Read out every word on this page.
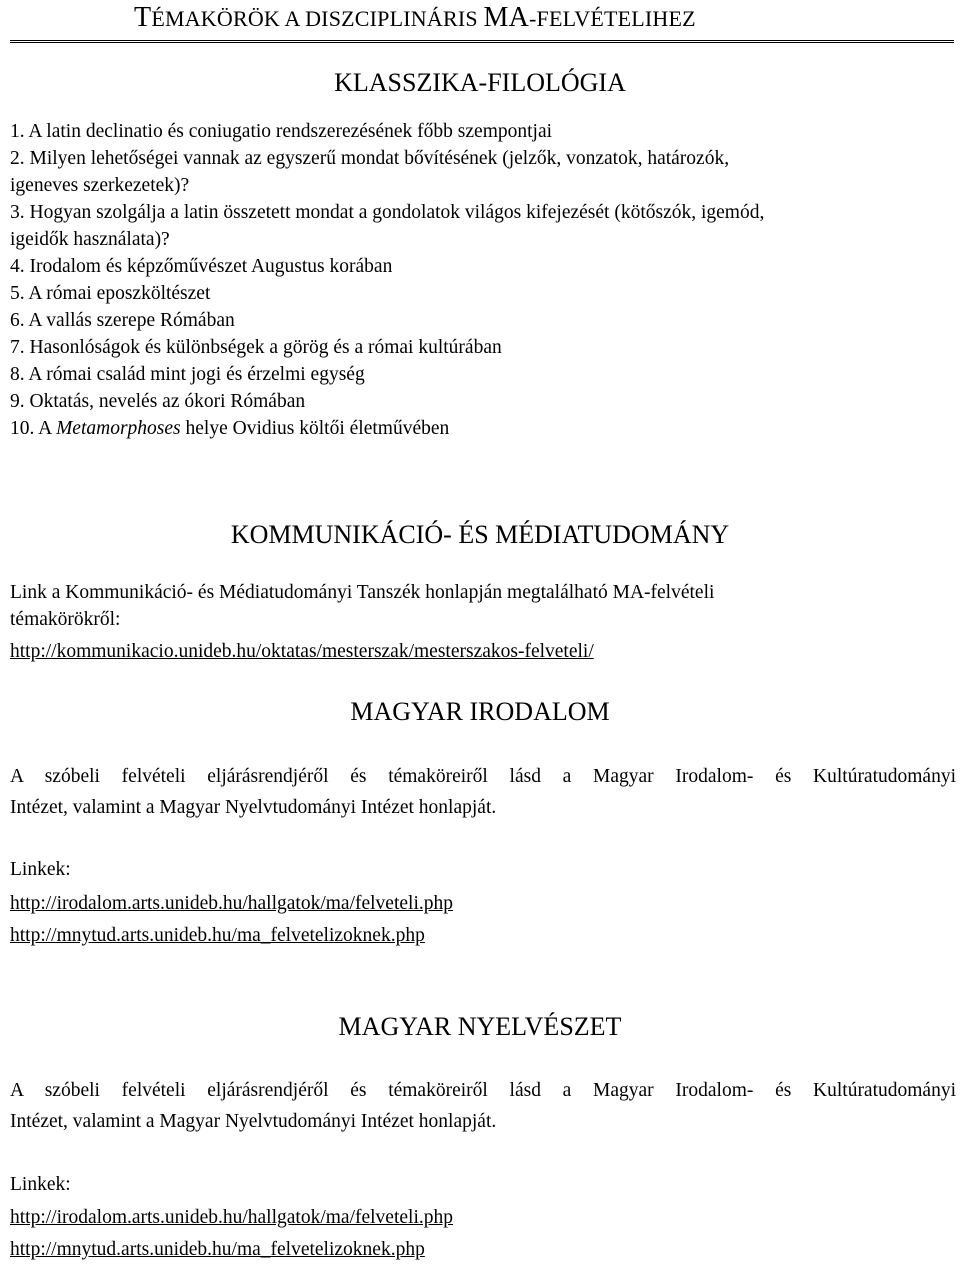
TÉMAKÖRÖK A DISZCIPLINÁRIS MA-FELVÉTELIHEZ
KLASSZIKA-FILOLÓGIA
1. A latin declinatio és coniugatio rendszerezésének főbb szempontjai
2. Milyen lehetőségei vannak az egyszerű mondat bővítésének (jelzők, vonzatok, határozók,
igeneves szerkezetek)?
3. Hogyan szolgálja a latin összetett mondat a gondolatok világos kifejezését (kötőszók, igemód,
igeidők használata)?
4. Irodalom és képzőművészet Augustus korában
5. A római eposzköltészet
6. A vallás szerepe Rómában
7. Hasonlóságok és különbségek a görög és a római kultúrában
8. A római család mint jogi és érzelmi egység
9. Oktatás, nevelés az ókori Rómában
10. A Metamorphoses helye Ovidius költői életművében
KOMMUNIKÁCIÓ- ÉS MÉDIATUDOMÁNY
Link a Kommunikáció- és Médiatudományi Tanszék honlapján megtalálható MA-felvételi
témakörökről:
http://kommunikacio.unideb.hu/oktatas/mesterszak/mesterszakos-felveteli/
MAGYAR IRODALOM
A szóbeli felvételi eljárásrendjéről és témaköreiről lásd a Magyar Irodalom- és Kultúratudományi
Intézet, valamint a Magyar Nyelvtudományi Intézet honlapját.
Linkek:
http://irodalom.arts.unideb.hu/hallgatok/ma/felveteli.php
http://mnytud.arts.unideb.hu/ma_felvetelizoknek.php
MAGYAR NYELVÉSZET
A szóbeli felvételi eljárásrendjéről és témaköreiről lásd a Magyar Irodalom- és Kultúratudományi
Intézet, valamint a Magyar Nyelvtudományi Intézet honlapját.
Linkek:
http://irodalom.arts.unideb.hu/hallgatok/ma/felveteli.php
http://mnytud.arts.unideb.hu/ma_felvetelizoknek.php
